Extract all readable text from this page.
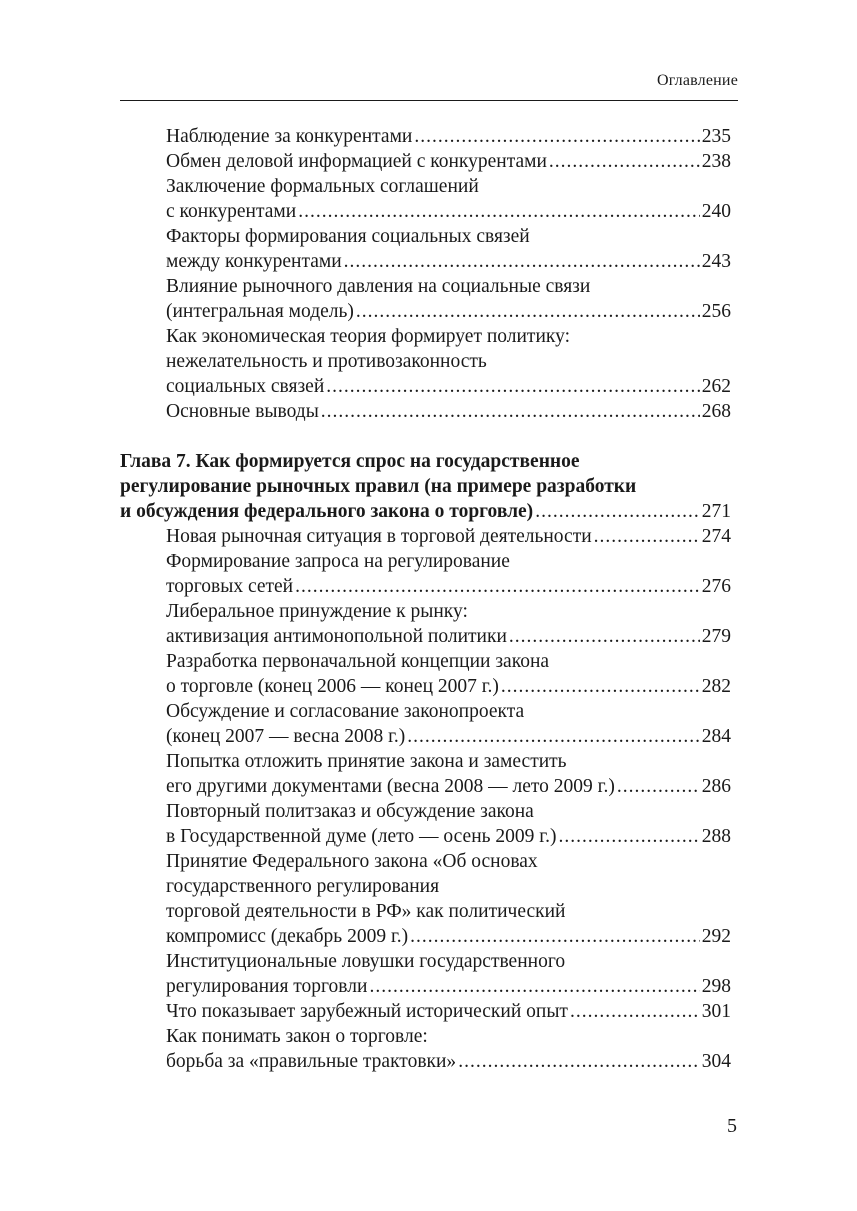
Оглавление
Наблюдение за конкурентами .....	235
Обмен деловой информацией с конкурентами .....	238
Заключение формальных соглашений
с конкурентами .....	240
Факторы формирования социальных связей
между конкурентами .....	243
Влияние рыночного давления на социальные связи
(интегральная модель) .....	256
Как экономическая теория формирует политику:
нежелательность и противозаконность
социальных связей .....	262
Основные выводы .....	268
Глава 7. Как формируется спрос на государственное
регулирование рыночных правил (на примере разработки
и обсуждения федерального закона о торговле) .....	271
Новая рыночная ситуация в торговой деятельности .....	274
Формирование запроса на регулирование
торговых сетей .....	276
Либеральное принуждение к рынку:
активизация антимонопольной политики .....	279
Разработка первоначальной концепции закона
о торговле (конец 2006 — конец 2007 г.) .....	282
Обсуждение и согласование законопроекта
(конец 2007 — весна 2008 г.) .....	284
Попытка отложить принятие закона и заместить
его другими документами (весна 2008 — лето 2009 г.) .....	286
Повторный политзаказ и обсуждение закона
в Государственной думе (лето — осень 2009 г.) .....	288
Принятие Федерального закона «Об основах
государственного регулирования
торговой деятельности в РФ» как политический
компромисс (декабрь 2009 г.) .....	292
Институциональные ловушки государственного
регулирования торговли .....	298
Что показывает зарубежный исторический опыт .....	301
Как понимать закон о торговле:
борьба за «правильные трактовки» .....	304
5
